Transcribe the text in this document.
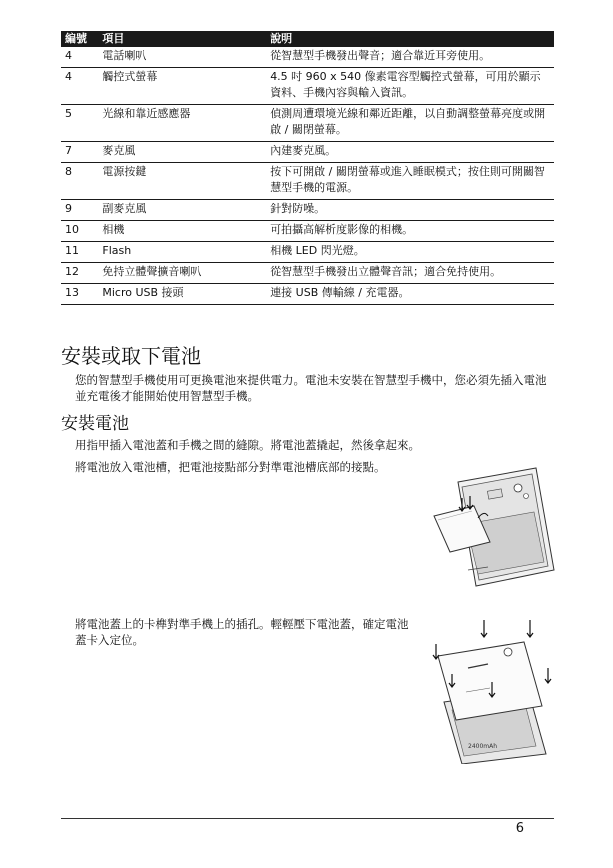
編號	項目	說明
4	電話喇叭	從智慧型手機發出聲音；適合靠近耳旁使用。
4	觸控式螢幕	4.5 吋 960 x 540 像素電容型觸控式螢幕，可用於顯示資料、手機內容與輸入資訊。
5	光線和靠近感應器	偵測周遭環境光線和鄰近距離，以自動調整螢幕亮度或開啟 / 關閉螢幕。
7	麥克風	內建麥克風。
8	電源按鍵	按下可開啟 / 關閉螢幕或進入睡眠模式；按住則可開關智慧型手機的電源。
9	副麥克風	針對防噪。
10	相機	可拍攝高解析度影像的相機。
11	Flash	相機 LED 閃光燈。
12	免持立體聲擴音喇叭	從智慧型手機發出立體聲音訊；適合免持使用。
13	Micro USB 接頭	連接 USB 傳輸線 / 充電器。
安裝或取下電池

您的智慧型手機使用可更換電池來提供電力。電池未安裝在智慧型手機中，您必須先插入電池並充電後才能開始使用智慧型手機。

安裝電池

用指甲插入電池蓋和手機之間的縫隙。將電池蓋撬起，然後拿起來。

將電池放入電池槽，把電池接點部分對準電池槽底部的接點。

將電池蓋上的卡榫對準手機上的插孔。輕輕壓下電池蓋，確定電池蓋卡入定位。

2400mAh
6
